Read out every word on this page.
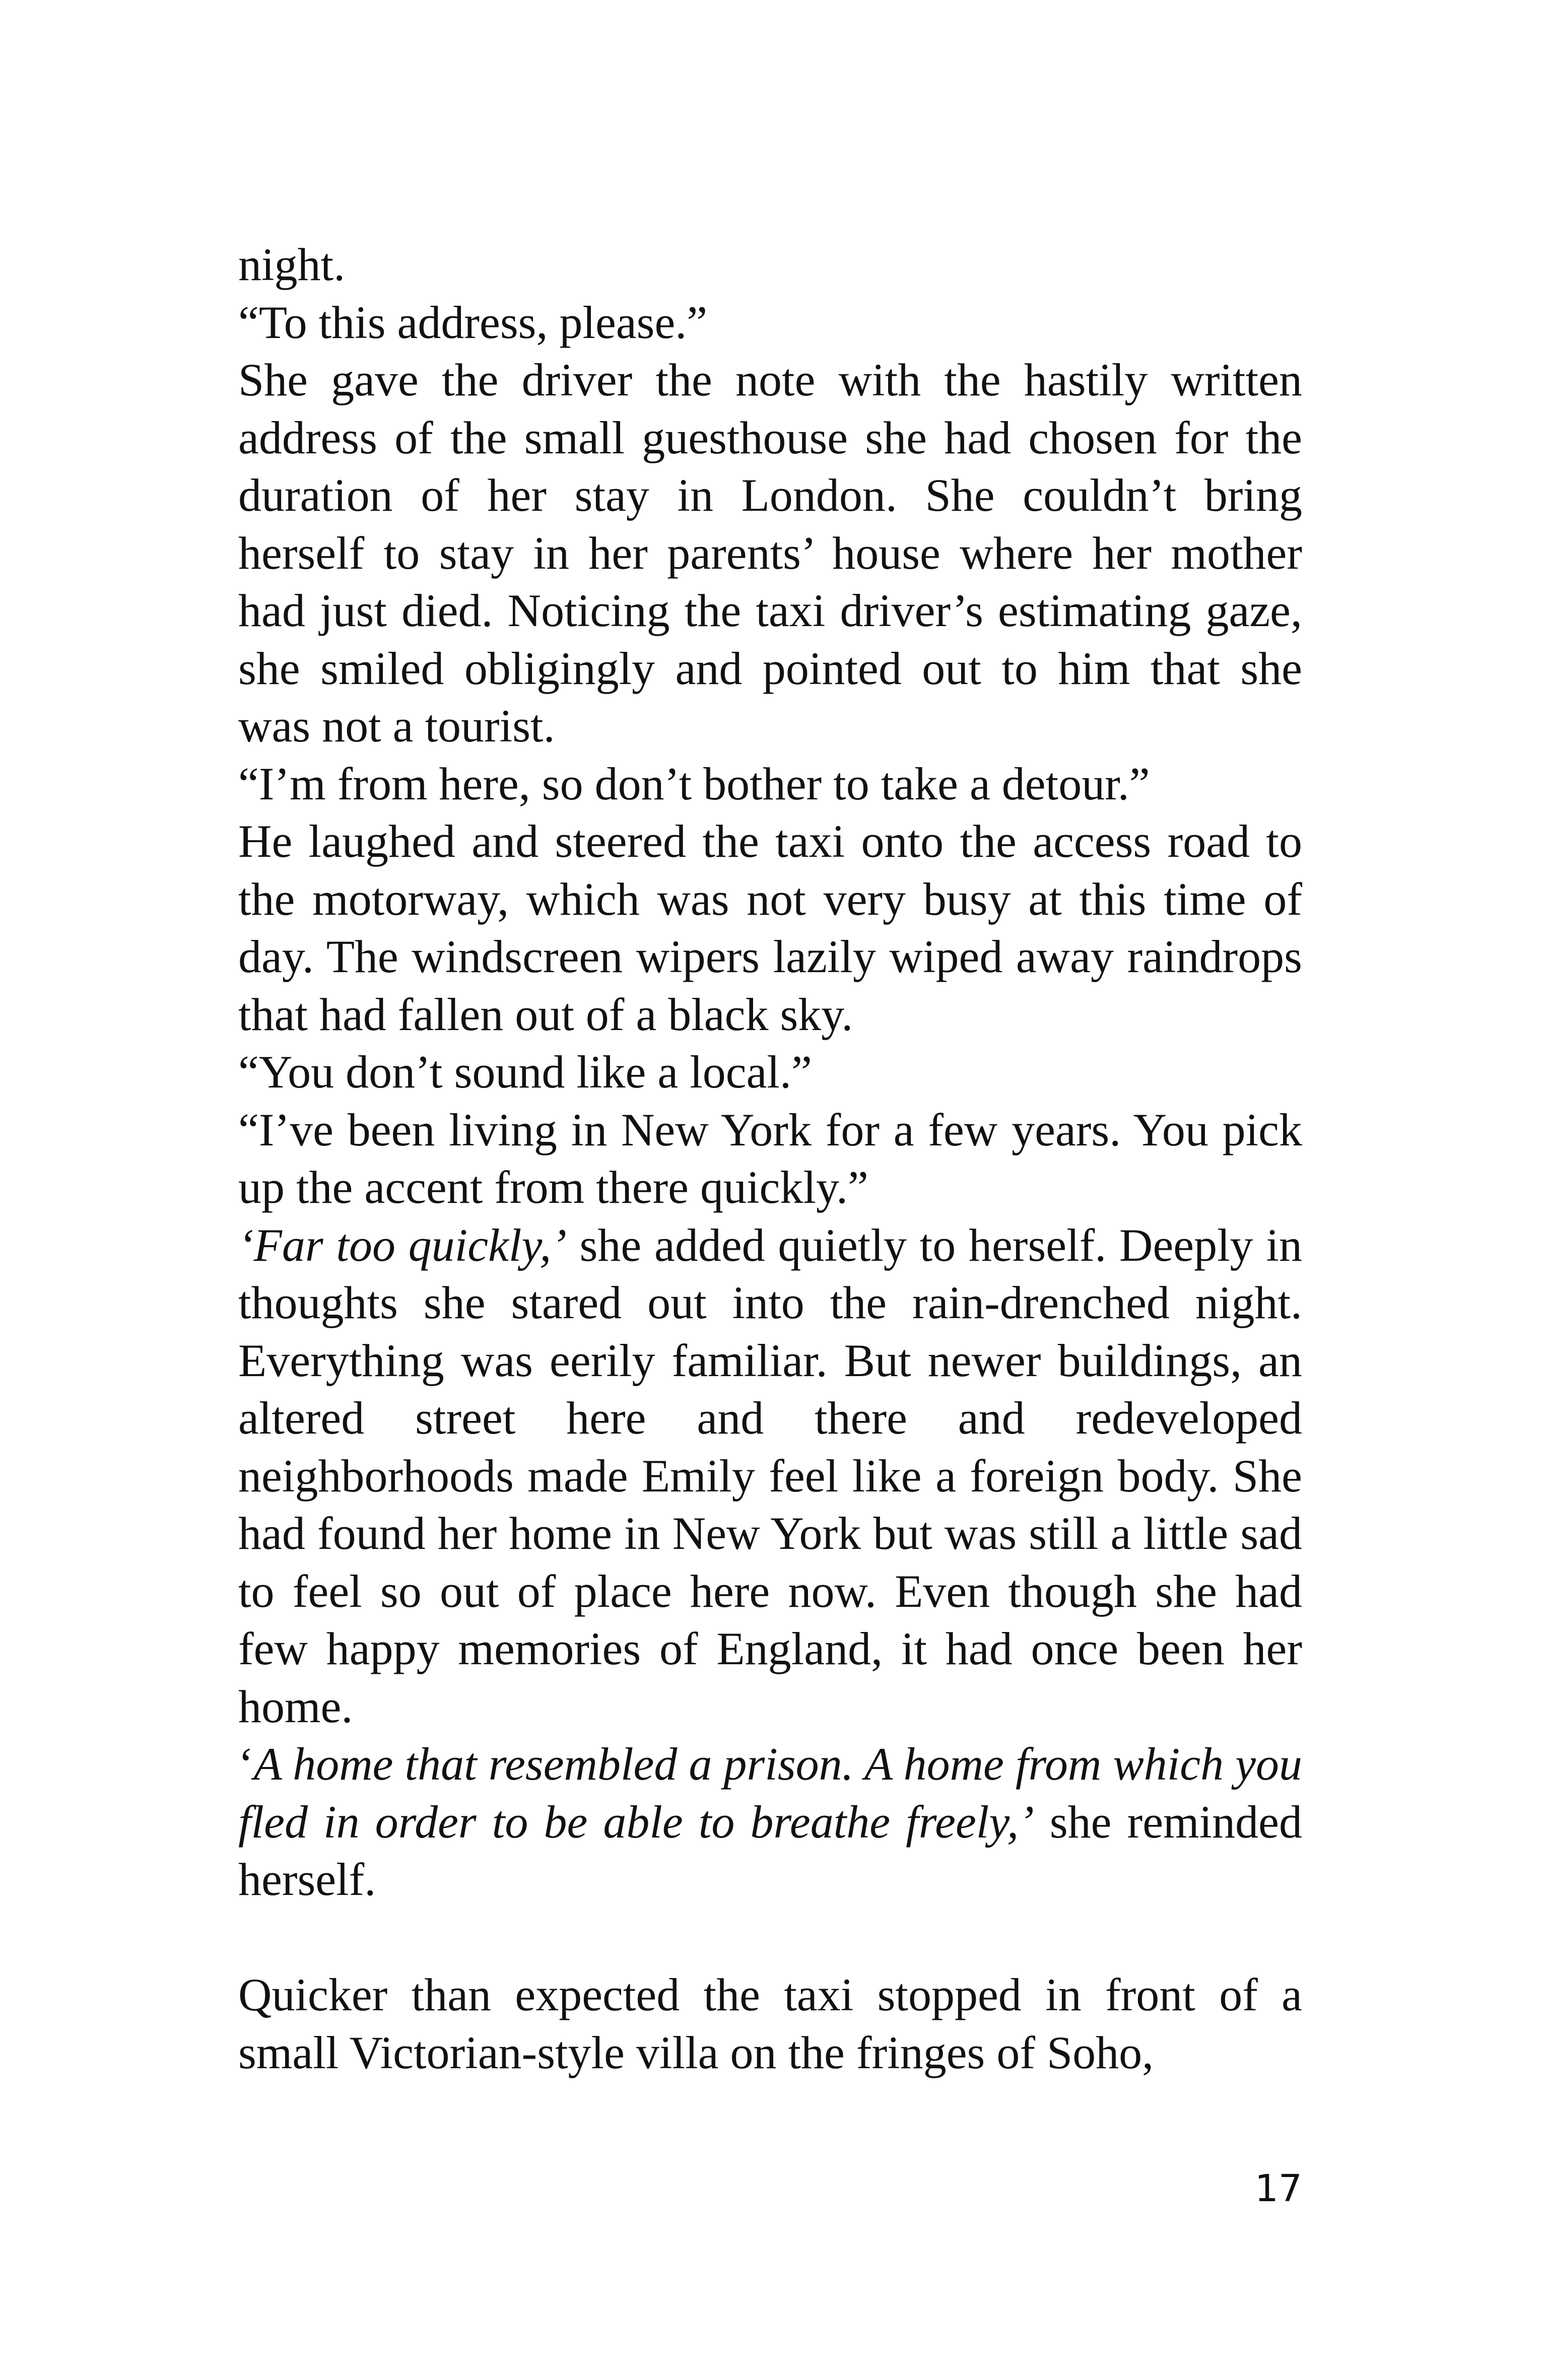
night.

“To this address, please.”

She gave the driver the note with the hastily written address of the small guesthouse she had chosen for the duration of her stay in London. She couldn’t bring herself to stay in her parents’ house where her mother had just died. Noticing the taxi driver’s estimating gaze, she smiled obligingly and pointed out to him that she was not a tourist.

“I’m from here, so don’t bother to take a detour.”

He laughed and steered the taxi onto the access road to the motorway, which was not very busy at this time of day. The windscreen wipers lazily wiped away raindrops that had fallen out of a black sky.

“You don’t sound like a local.”

“I’ve been living in New York for a few years. You pick up the accent from there quickly.”

‘Far too quickly,’ she added quietly to herself. Deeply in thoughts she stared out into the rain-drenched night. Everything was eerily familiar. But newer buildings, an altered street here and there and redeveloped neighborhoods made Emily feel like a foreign body. She had found her home in New York but was still a little sad to feel so out of place here now. Even though she had few happy memories of England, it had once been her home.

‘A home that resembled a prison. A home from which you fled in order to be able to breathe freely,’ she reminded herself.

Quicker than expected the taxi stopped in front of a small Victorian-style villa on the fringes of Soho,

17
